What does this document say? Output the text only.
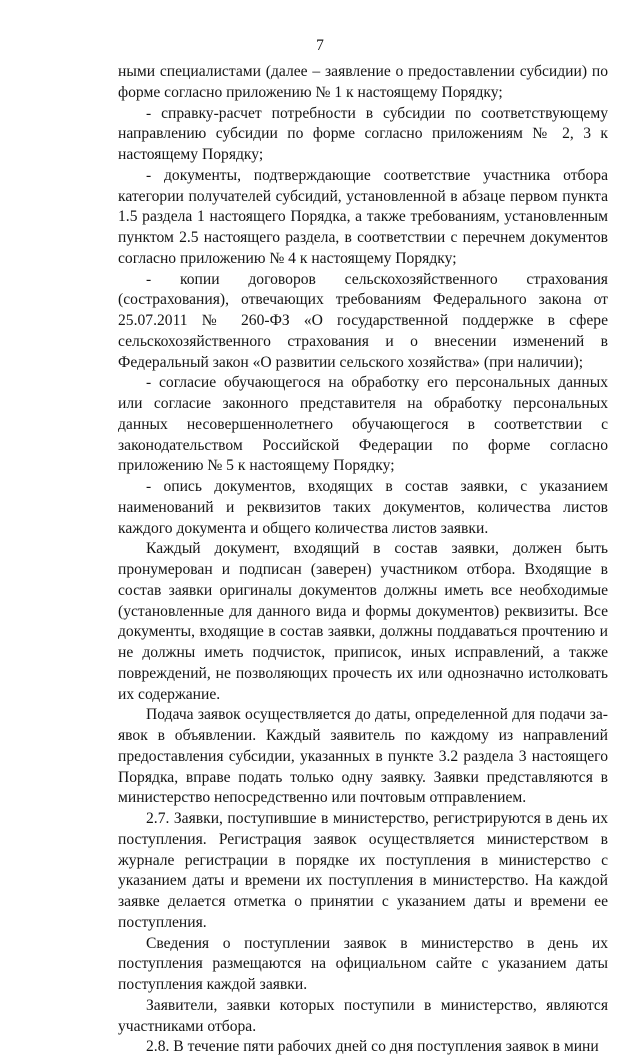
7

ными специалистами (далее – заявление о предоставлении субсидии) по форме согласно приложению № 1 к настоящему Порядку;

- справку-расчет потребности в субсидии по соответствующему направлению субсидии по форме согласно приложениям № 2, 3 к настоящему Порядку;

- документы, подтверждающие соответствие участника отбора категории получателей субсидий, установленной в абзаце первом пункта 1.5 раздела 1 настоящего Порядка, а также требованиям, установленным пунктом 2.5 настоящего раздела, в соответствии с перечнем документов согласно приложению № 4 к настоящему Порядку;

- копии договоров сельскохозяйственного страхования (сострахования), отвечающих требованиям Федерального закона от 25.07.2011 № 260-ФЗ «О государственной поддержке в сфере сельскохозяйственного страхования и о внесении изменений в Федеральный закон «О развитии сельского хозяйства» (при наличии);

- согласие обучающегося на обработку его персональных данных или согласие законного представителя на обработку персональных данных несовершеннолетнего обучающегося в соответствии с законодательством Российской Федерации по форме согласно приложению № 5 к настоящему Порядку;

- опись документов, входящих в состав заявки, с указанием наименований и реквизитов таких документов, количества листов каждого документа и общего количества листов заявки.

Каждый документ, входящий в состав заявки, должен быть пронумерован и подписан (заверен) участником отбора. Входящие в состав заявки оригиналы документов должны иметь все необходимые (установленные для данного вида и формы документов) реквизиты. Все документы, входящие в состав заявки, должны поддаваться прочтению и не должны иметь подчисток, приписок, иных исправлений, а также повреждений, не позволяющих прочесть их или однозначно истолковать их содержание.

Подача заявок осуществляется до даты, определенной для подачи заявок в объявлении. Каждый заявитель по каждому из направлений предоставления субсидии, указанных в пункте 3.2 раздела 3 настоящего Порядка, вправе подать только одну заявку. Заявки представляются в министерство непосредственно или почтовым отправлением.

2.7. Заявки, поступившие в министерство, регистрируются в день их поступления. Регистрация заявок осуществляется министерством в журнале регистрации в порядке их поступления в министерство с указанием даты и времени их поступления в министерство. На каждой заявке делается отметка о принятии с указанием даты и времени ее поступления.

Сведения о поступлении заявок в министерство в день их поступления размещаются на официальном сайте с указанием даты поступления каждой заявки.

Заявители, заявки которых поступили в министерство, являются участниками отбора.

2.8. В течение пяти рабочих дней со дня поступления заявок в мини
